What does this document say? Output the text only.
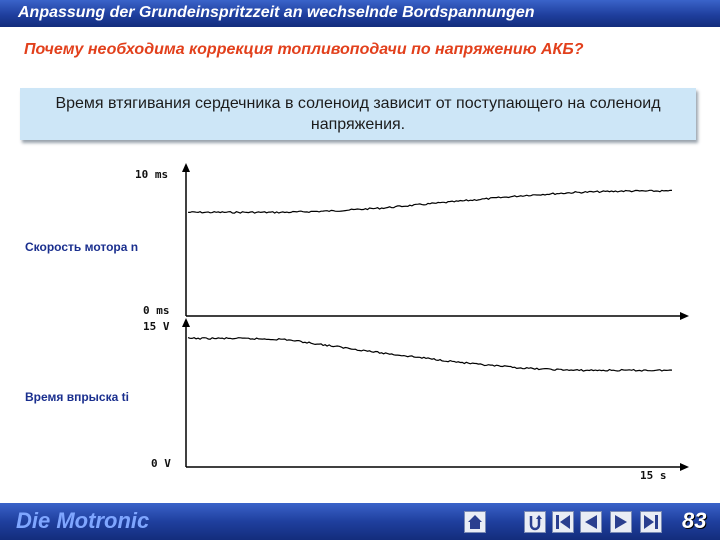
Anpassung der Grundeinspritzzeit an wechselnde Bordspannungen
Почему необходима коррекция топливоподачи по напряжению АКБ?
Время втягивания сердечника в соленоид зависит от поступающего на соленоид напряжения.
10 ms
0 ms
15 V
0 V
15 s
Скорость мотора n
Время впрыска ti
Die Motronic	83
